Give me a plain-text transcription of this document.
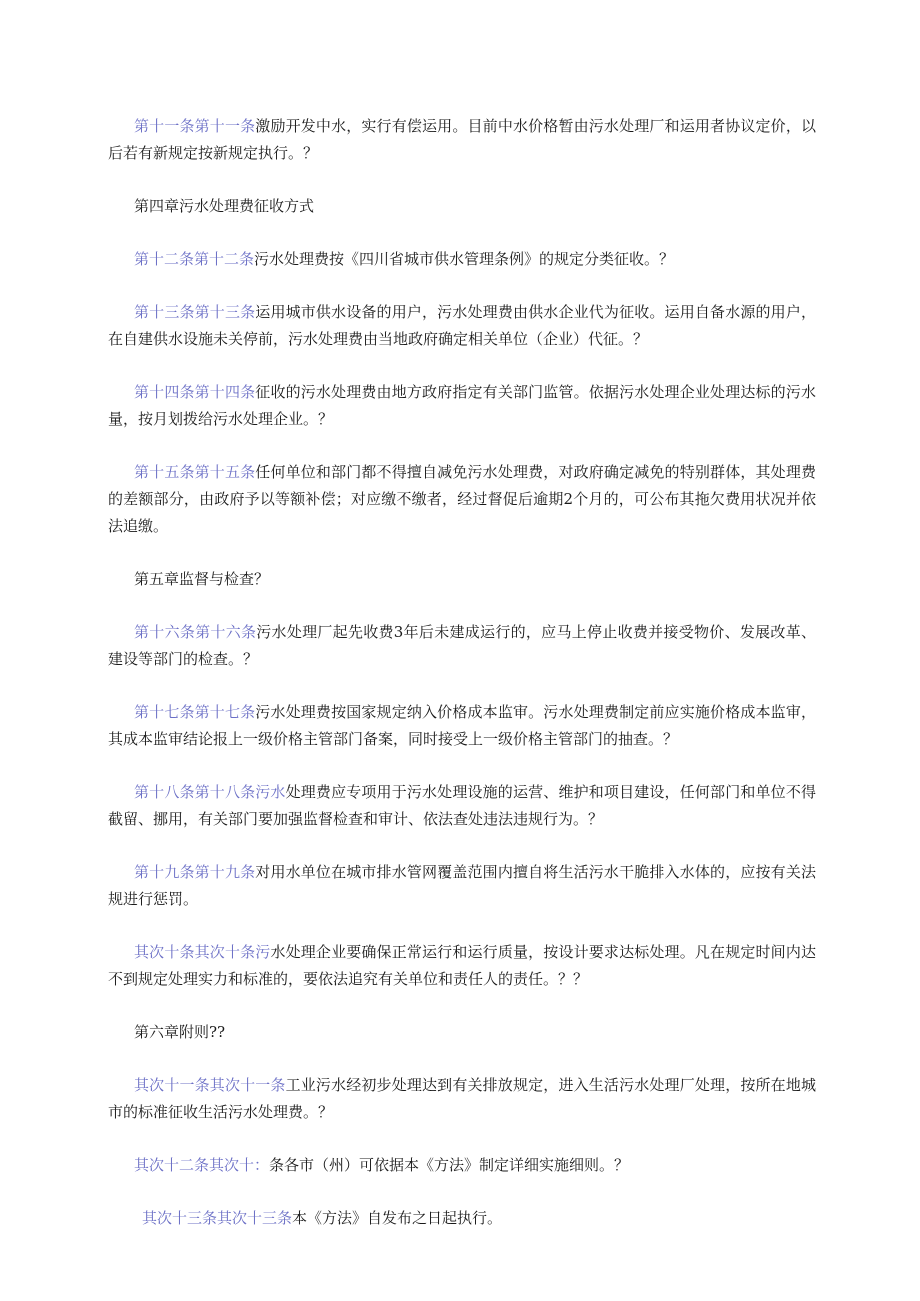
第十一条第十一条激励开发中水，实行有偿运用。目前中水价格暂由污水处理厂和运用者协议定价，以后若有新规定按新规定执行。？

第四章污水处理费征收方式

第十二条第十二条污水处理费按《四川省城市供水管理条例》的规定分类征收。？

第十三条第十三条运用城市供水设备的用户，污水处理费由供水企业代为征收。运用自备水源的用户，在自建供水设施未关停前，污水处理费由当地政府确定相关单位（企业）代征。？

第十四条第十四条征收的污水处理费由地方政府指定有关部门监管。依据污水处理企业处理达标的污水量，按月划拨给污水处理企业。？

第十五条第十五条任何单位和部门都不得擅自减免污水处理费，对政府确定减免的特别群体，其处理费的差额部分，由政府予以等额补偿；对应缴不缴者，经过督促后逾期2个月的，可公布其拖欠费用状况并依法追缴。

第五章监督与检查？

第十六条第十六条污水处理厂起先收费3年后未建成运行的，应马上停止收费并接受物价、发展改革、建设等部门的检查。？

第十七条第十七条污水处理费按国家规定纳入价格成本监审。污水处理费制定前应实施价格成本监审，其成本监审结论报上一级价格主管部门备案，同时接受上一级价格主管部门的抽查。？

第十八条第十八条污水处理费应专项用于污水处理设施的运营、维护和项目建设，任何部门和单位不得截留、挪用，有关部门要加强监督检查和审计、依法查处违法违规行为。？

第十九条第十九条对用水单位在城市排水管网覆盖范围内擅自将生活污水干脆排入水体的，应按有关法规进行惩罚。

其次十条其次十条污水处理企业要确保正常运行和运行质量，按设计要求达标处理。凡在规定时间内达不到规定处理实力和标准的，要依法追究有关单位和责任人的责任。？？

第六章附则??

其次十一条其次十一条工业污水经初步处理达到有关排放规定，进入生活污水处理厂处理，按所在地城市的标准征收生活污水处理费。？

其次十二条其次十：条各市（州）可依据本《方法》制定详细实施细则。？

其次十三条其次十三条本《方法》自发布之日起执行。
